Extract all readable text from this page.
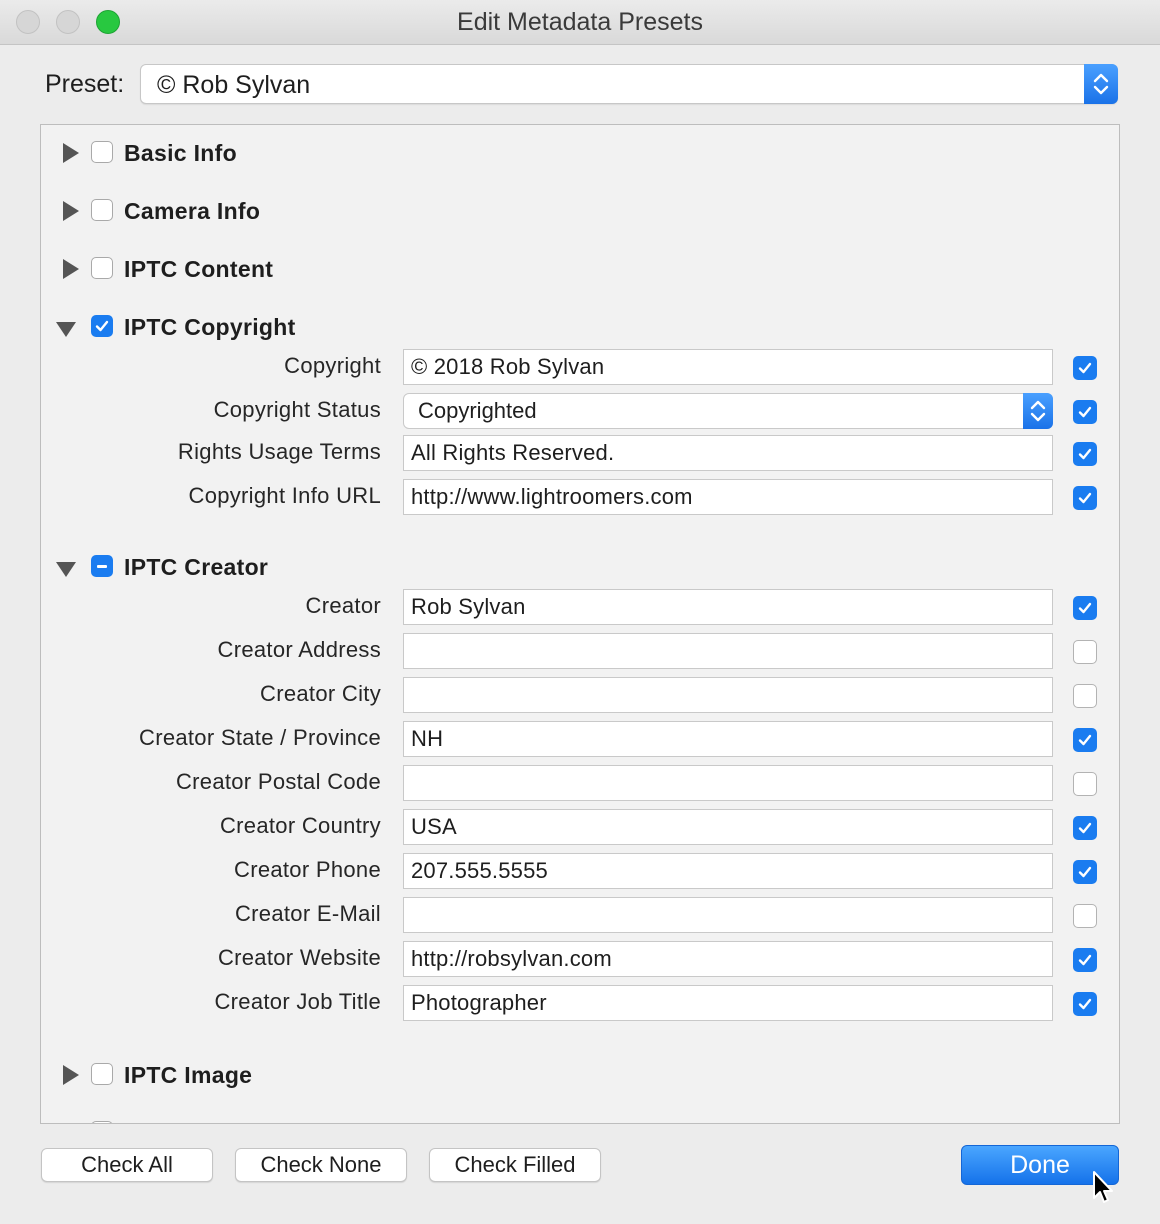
Edit Metadata Presets
Preset: © Rob Sylvan
Basic Info
Camera Info
IPTC Content
IPTC Copyright
Copyright	© 2018 Rob Sylvan
Copyright Status	Copyrighted
Rights Usage Terms	All Rights Reserved.
Copyright Info URL	http://www.lightroomers.com
IPTC Creator
Creator	Rob Sylvan
Creator Address
Creator City
Creator State / Province	NH
Creator Postal Code
Creator Country	USA
Creator Phone	207.555.5555
Creator E-Mail
Creator Website	http://robsylvan.com
Creator Job Title	Photographer
IPTC Image
Check All	Check None	Check Filled	Done
